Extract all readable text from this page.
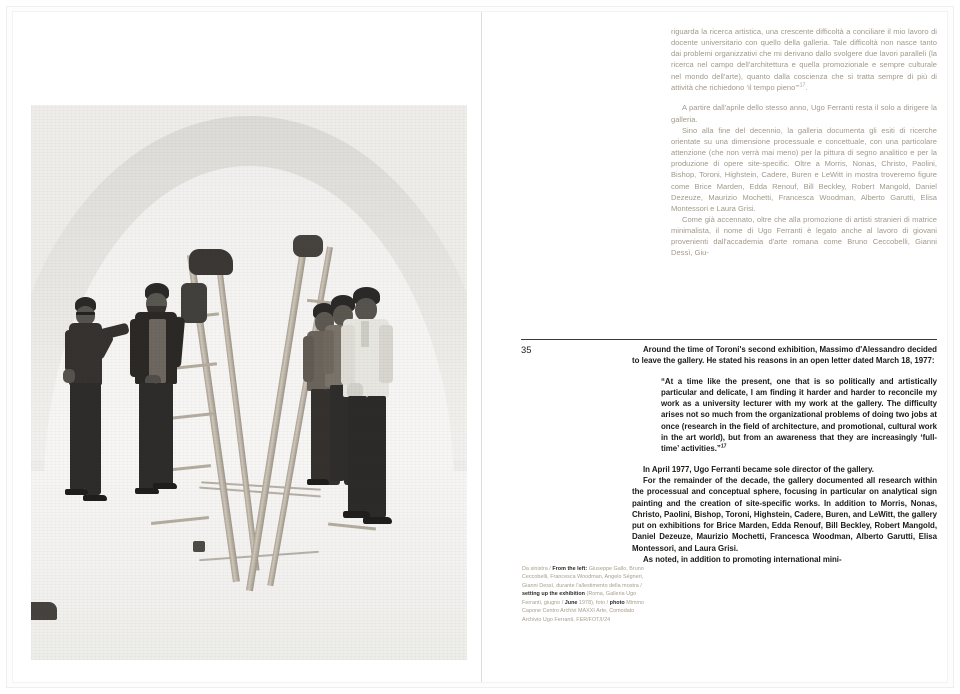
Da sinistra / From the left: Giuseppe Gallo, Bruno Ceccobelli, Francesca Woodman, Angelo Ségneri, Gianni Dessì, durante l'allestimento della mostra / setting up the exhibition (Roma, Galleria Ugo Ferranti, giugno / June 1978), foto / photo Mimmo Capone Centro Archivi MAXXI Arte, Comodato Archivio Ugo Ferranti, FER/FOT/I/24

riguarda la ricerca artistica, una crescente difficoltà a conciliare il mio lavoro di docente universitario con quello della galleria. Tale difficoltà non nasce tanto dai problemi organizzativi che mi derivano dallo svolgere due lavori paralleli (la ricerca nel campo dell'architettura e quella promozionale e sempre culturale nel mondo dell'arte), quanto dalla coscienza che si tratta sempre di più di attività che richiedono ‘il tempo pieno’”$^{17}$.

A partire dall'aprile dello stesso anno, Ugo Ferranti resta il solo a dirigere la galleria.

Sino alla fine del decennio, la galleria documenta gli esiti di ricerche orientate su una dimensione processuale e concettuale, con una particolare attenzione (che non verrà mai meno) per la pittura di segno analitico e per la produzione di opere site-specific. Oltre a Morris, Nonas, Christo, Paolini, Bishop, Toroni, Highstein, Cadere, Buren e LeWitt in mostra troveremo figure come Brice Marden, Edda Renouf, Bill Beckley, Robert Mangold, Daniel Dezeuze, Maurizio Mochetti, Francesca Woodman, Alberto Garutti, Elisa Montessori e Laura Grisi.

Come già accennato, oltre che alla promozione di artisti stranieri di matrice minimalista, il nome di Ugo Ferranti è legato anche al lavoro di giovani provenienti dall'accademia d'arte romana come Bruno Ceccobelli, Gianni Dessì, Giu-

35	Around the time of Toroni's second exhibition, Massimo d'Alessandro decided to leave the gallery. He stated his reasons in an open letter dated March 18, 1977:

“At a time like the present, one that is so politically and artistically particular and delicate, I am finding it harder and harder to reconcile my work as a university lecturer with my work at the gallery. The difficulty arises not so much from the organizational problems of doing two jobs at once (research in the field of architecture, and promotional, cultural work in the art world), but from an awareness that they are increasingly ‘full-time’ activities.”$^{17}$

In April 1977, Ugo Ferranti became sole director of the gallery.

For the remainder of the decade, the gallery documented all research within the processual and conceptual sphere, focusing in particular on analytical sign painting and the creation of site-specific works. In addition to Morris, Nonas, Christo, Paolini, Bishop, Toroni, Highstein, Cadere, Buren, and LeWitt, the gallery put on exhibitions for Brice Marden, Edda Renouf, Bill Beckley, Robert Mangold, Daniel Dezeuze, Maurizio Mochetti, Francesca Woodman, Alberto Garutti, Elisa Montessori, and Laura Grisi.

As noted, in addition to promoting international mini-
